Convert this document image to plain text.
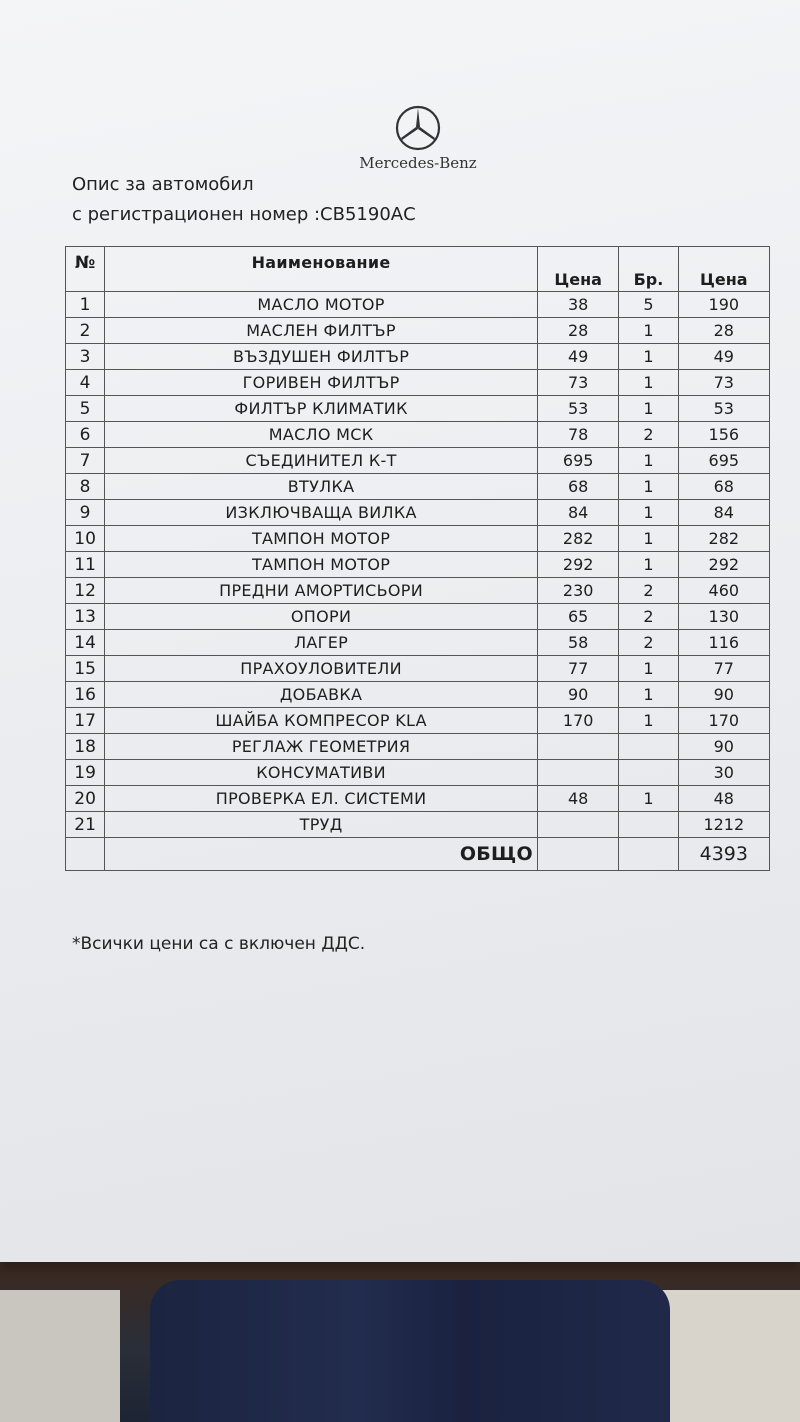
Mercedes-Benz
Опис за автомобил
с регистрационен номер :СВ5190АС
№	Наименование	Цена	Бр.	Цена
1	МАСЛО МОТОР	38	5	190
2	МАСЛЕН ФИЛТЪР	28	1	28
3	ВЪЗДУШЕН ФИЛТЪР	49	1	49
4	ГОРИВЕН ФИЛТЪР	73	1	73
5	ФИЛТЪР КЛИМАТИК	53	1	53
6	МАСЛО МСК	78	2	156
7	СЪЕДИНИТЕЛ К-Т	695	1	695
8	ВТУЛКА	68	1	68
9	ИЗКЛЮЧВАЩА ВИЛКА	84	1	84
10	ТАМПОН МОТОР	282	1	282
11	ТАМПОН МОТОР	292	1	292
12	ПРЕДНИ АМОРТИСЬОРИ	230	2	460
13	ОПОРИ	65	2	130
14	ЛАГЕР	58	2	116
15	ПРАХОУЛОВИТЕЛИ	77	1	77
16	ДОБАВКА	90	1	90
17	ШАЙБА КОМПРЕСОР KLA	170	1	170
18	РЕГЛАЖ ГЕОМЕТРИЯ			90
19	КОНСУМАТИВИ			30
20	ПРОВЕРКА ЕЛ. СИСТЕМИ	48	1	48
21	ТРУД			1212
	ОБЩО			4393
*Всички цени са с включен ДДС.
